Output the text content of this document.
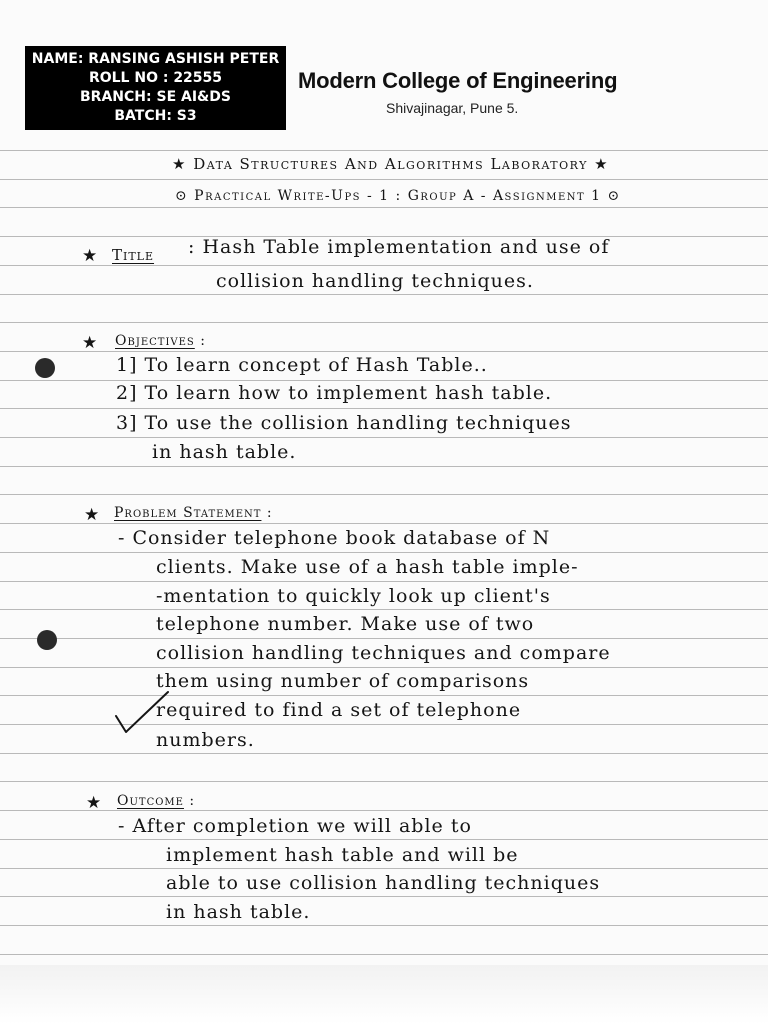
NAME: RANSING ASHISH PETER
ROLL NO : 22555
BRANCH: SE AI&DS
BATCH: S3
Modern College of Engineering
Shivajinagar, Pune 5.
★ Data Structures And Algorithms Laboratory ★
⊙ Practical Write-Ups - 1 : Group A - Assignment 1 ⊙
★ Title : Hash Table implementation and use of
collision handling techniques.
★ Objectives :
1] To learn concept of Hash Table..
2] To learn how to implement hash table.
3] To use the collision handling techniques
in hash table.
★ Problem Statement :
- Consider telephone book database of N
clients. Make use of a hash table imple-
-mentation to quickly look up client's
telephone number. Make use of two
collision handling techniques and compare
them using number of comparisons
required to find a set of telephone
numbers.
★ Outcome :
- After completion we will able to
implement hash table and will be
able to use collision handling techniques
in hash table.
